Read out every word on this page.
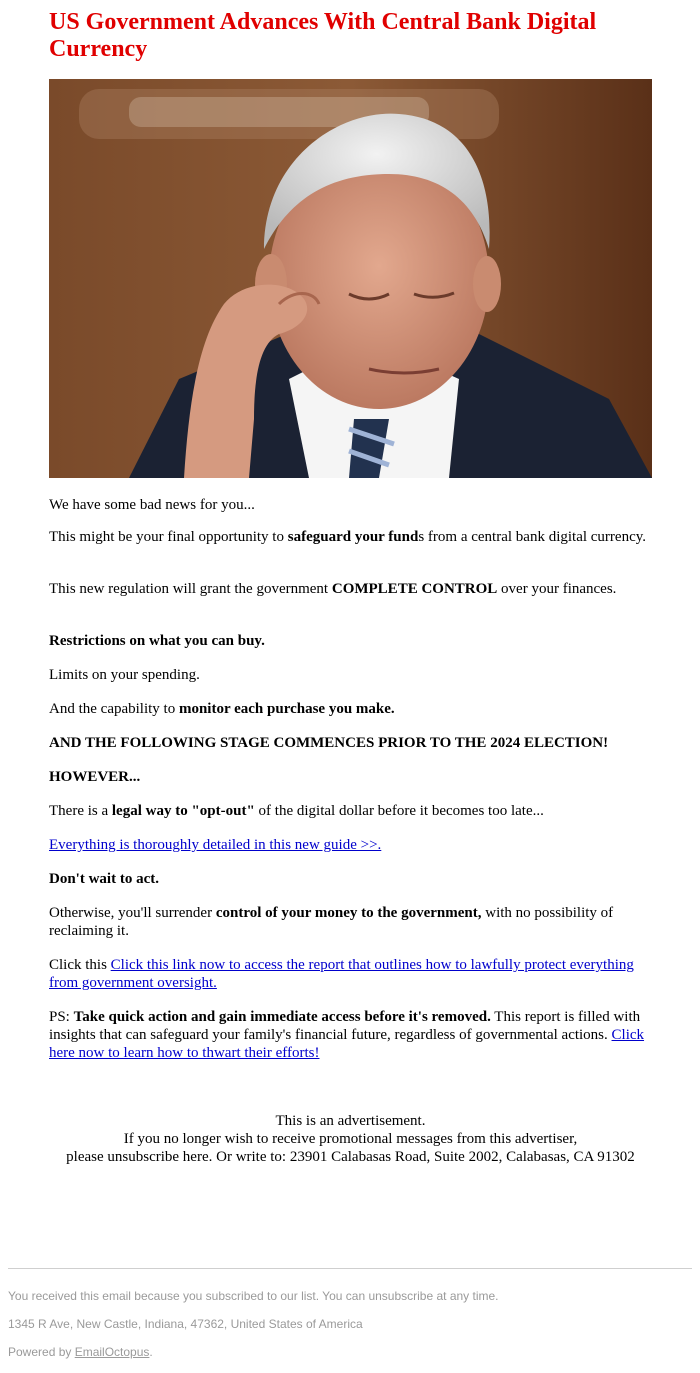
US Government Advances With Central Bank Digital Currency

We have some bad news for you...

This might be your final opportunity to safeguard your funds from a central bank digital currency.

This new regulation will grant the government COMPLETE CONTROL over your finances.

Restrictions on what you can buy.

Limits on your spending.

And the capability to monitor each purchase you make.

AND THE FOLLOWING STAGE COMMENCES PRIOR TO THE 2024 ELECTION!

HOWEVER...

There is a legal way to "opt-out" of the digital dollar before it becomes too late...

Everything is thoroughly detailed in this new guide >>.

Don't wait to act.

Otherwise, you'll surrender control of your money to the government, with no possibility of reclaiming it.

Click this Click this link now to access the report that outlines how to lawfully protect everything from government oversight.

PS: Take quick action and gain immediate access before it's removed. This report is filled with insights that can safeguard your family's financial future, regardless of governmental actions. Click here now to learn how to thwart their efforts!

This is an advertisement.
If you no longer wish to receive promotional messages from this advertiser,
please unsubscribe here. Or write to: 23901 Calabasas Road, Suite 2002, Calabasas, CA 91302
You received this email because you subscribed to our list. You can unsubscribe at any time.
1345 R Ave, New Castle, Indiana, 47362, United States of America
Powered by EmailOctopus.
